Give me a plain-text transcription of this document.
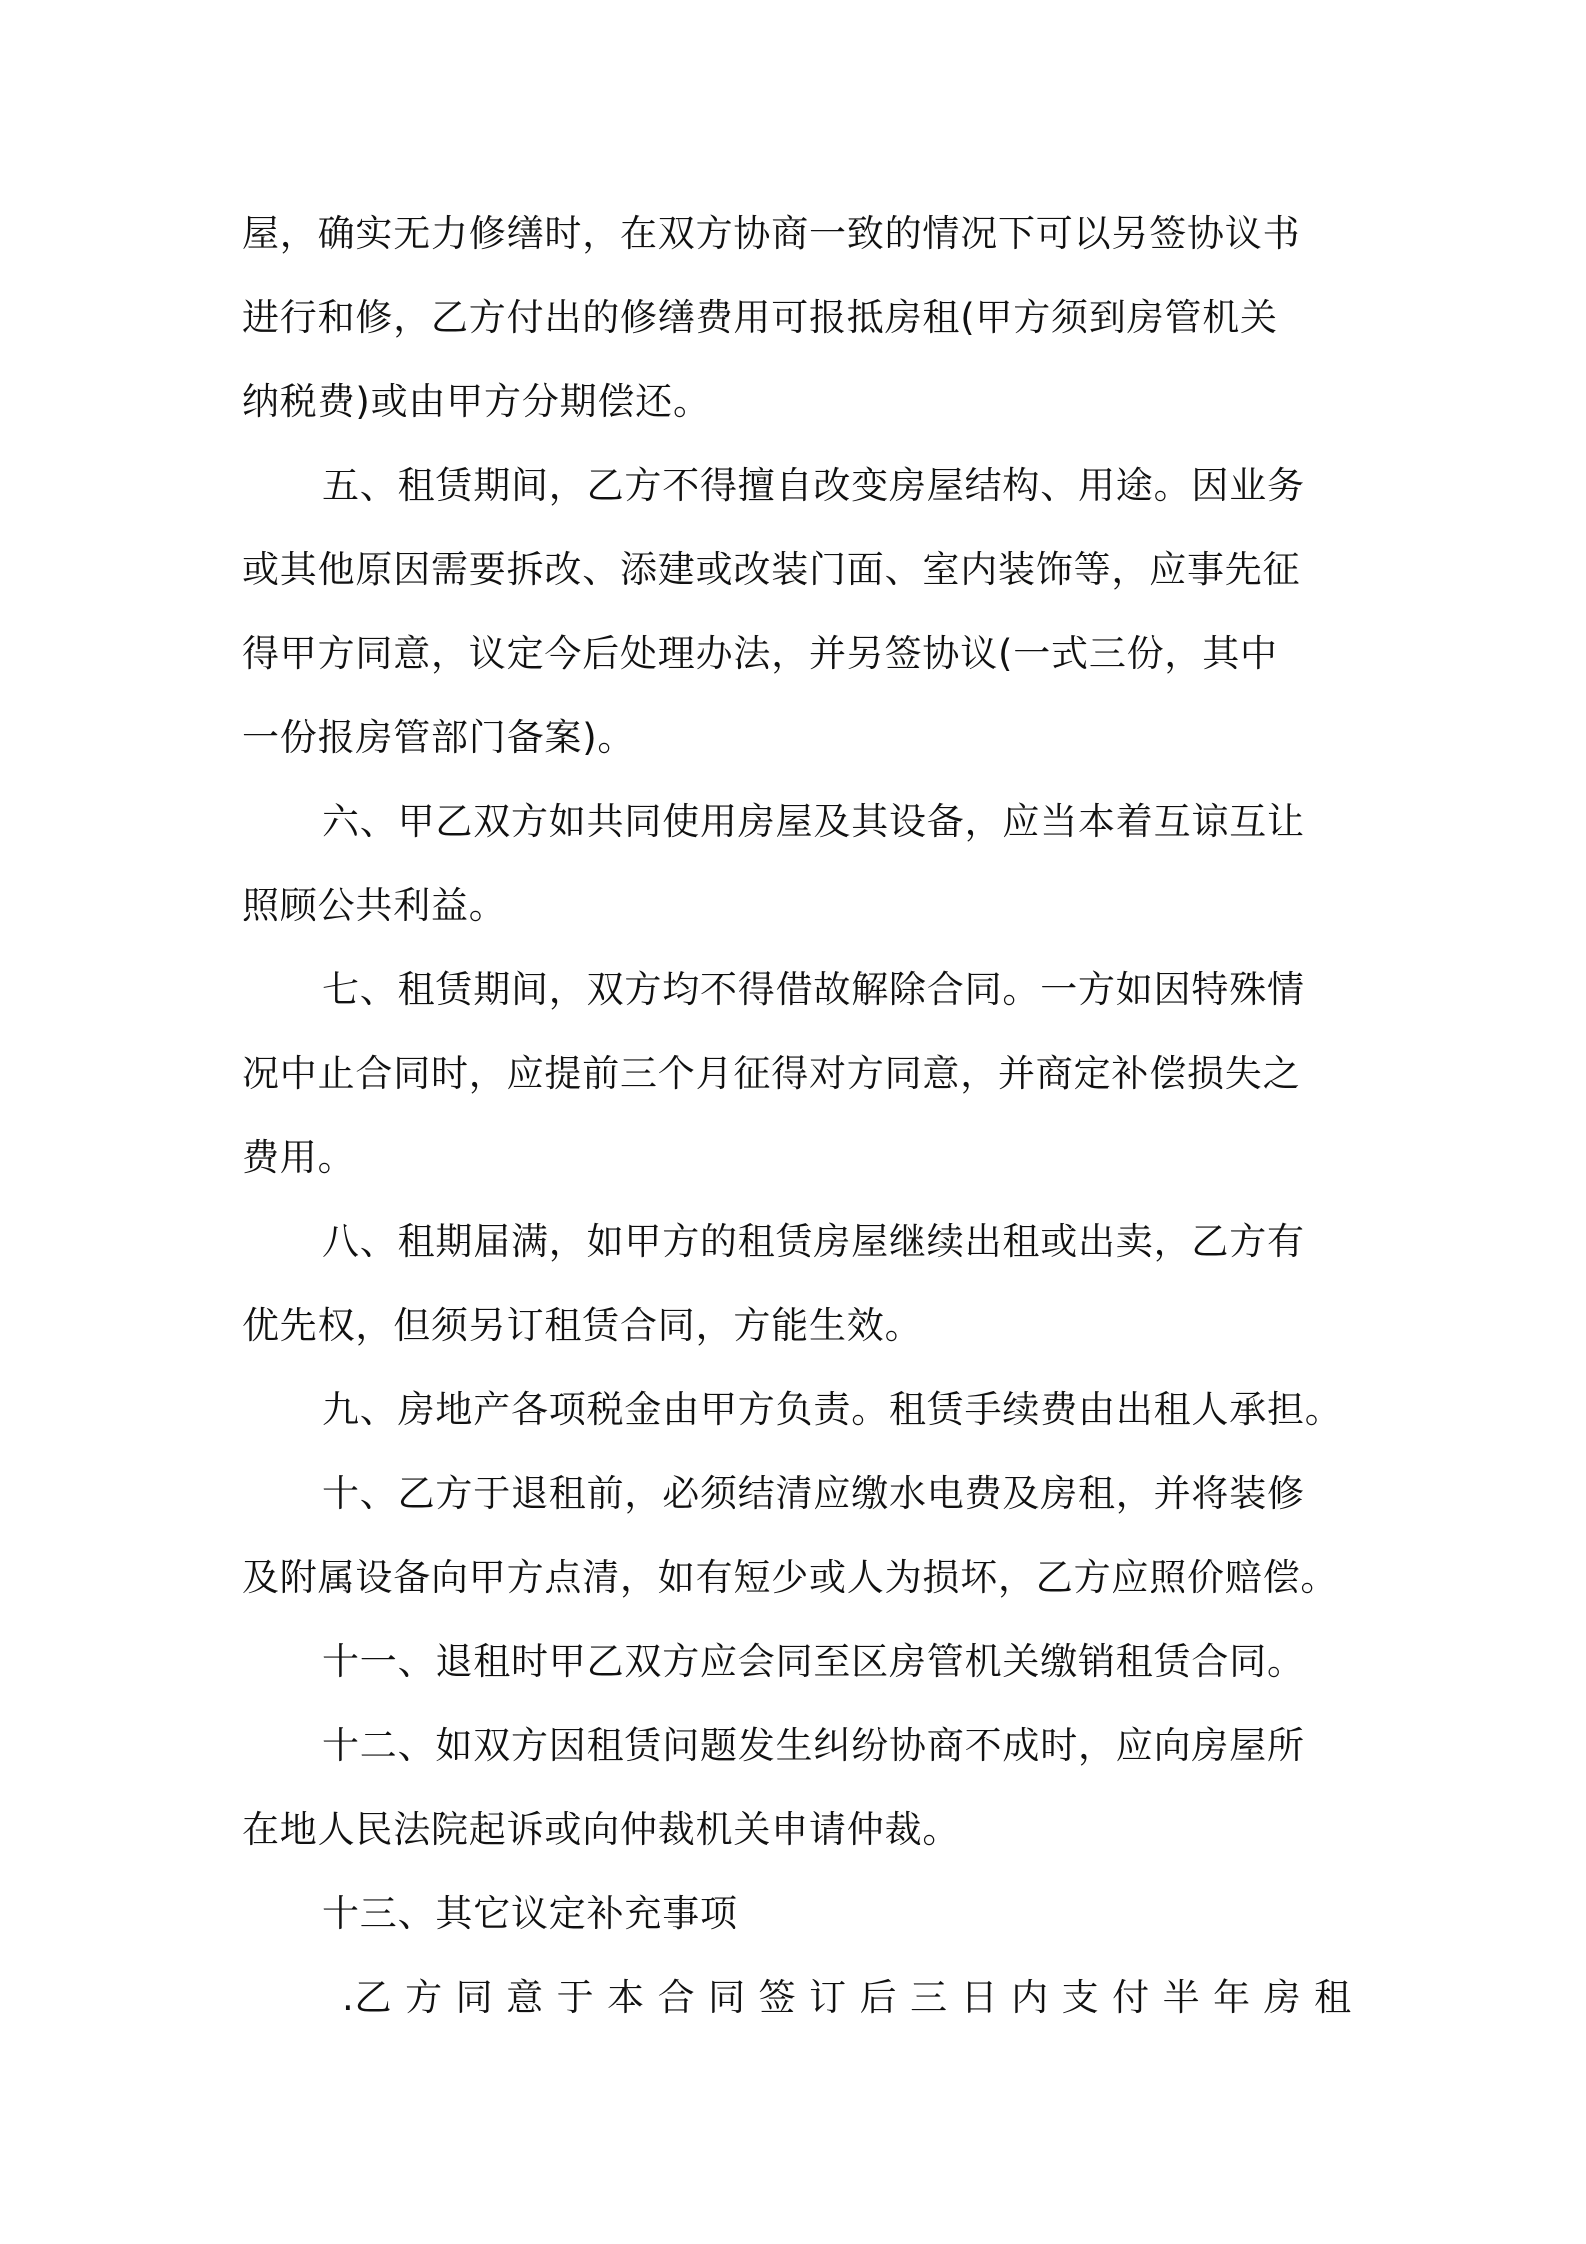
屋，确实无力修缮时，在双方协商一致的情况下可以另签协议书
进行和修，乙方付出的修缮费用可报抵房租(甲方须到房管机关
纳税费)或由甲方分期偿还。
五、租赁期间，乙方不得擅自改变房屋结构、用途。因业务
或其他原因需要拆改、添建或改装门面、室内装饰等，应事先征
得甲方同意，议定今后处理办法，并另签协议(一式三份，其中
一份报房管部门备案)。
六、甲乙双方如共同使用房屋及其设备，应当本着互谅互让
照顾公共利益。
七、租赁期间，双方均不得借故解除合同。一方如因特殊情
况中止合同时，应提前三个月征得对方同意，并商定补偿损失之
费用。
八、租期届满，如甲方的租赁房屋继续出租或出卖，乙方有
优先权，但须另订租赁合同，方能生效。
九、房地产各项税金由甲方负责。租赁手续费由出租人承担。
十、乙方于退租前，必须结清应缴水电费及房租，并将装修
及附属设备向甲方点清，如有短少或人为损坏，乙方应照价赔偿。
十一、退租时甲乙双方应会同至区房管机关缴销租赁合同。
十二、如双方因租赁问题发生纠纷协商不成时，应向房屋所
在地人民法院起诉或向仲裁机关申请仲裁。
十三、其它议定补充事项
.乙 方 同 意 于 本 合 同 签 订 后 三 日 内 支 付 半 年 房 租
